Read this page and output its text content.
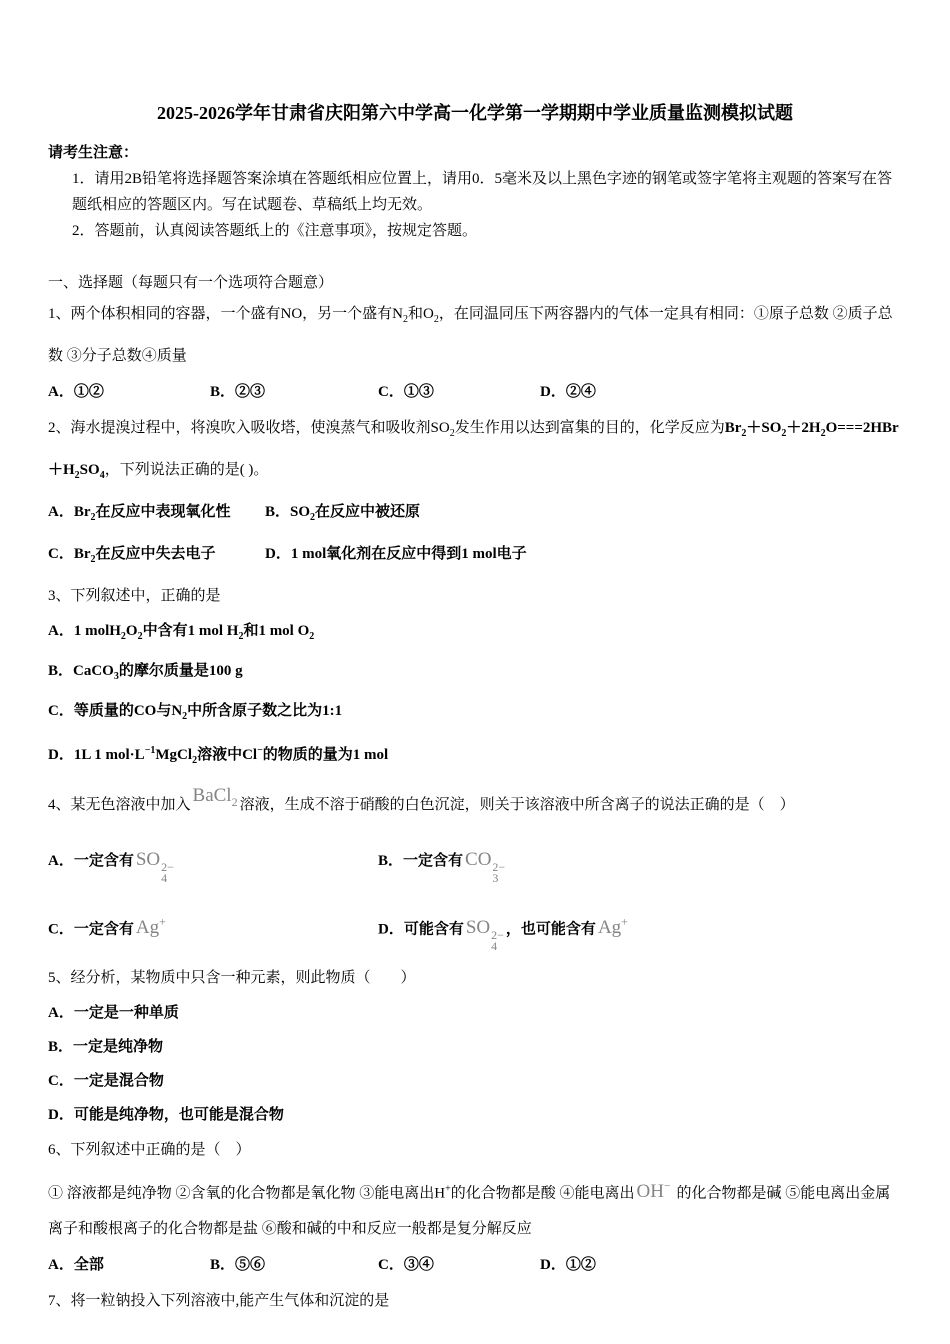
2025-2026学年甘肃省庆阳第六中学高一化学第一学期期中学业质量监测模拟试题
请考生注意：
1．请用2B铅笔将选择题答案涂填在答题纸相应位置上，请用0．5毫米及以上黑色字迹的钢笔或签字笔将主观题的答案写在答题纸相应的答题区内。写在试题卷、草稿纸上均无效。
2．答题前，认真阅读答题纸上的《注意事项》，按规定答题。
一、选择题（每题只有一个选项符合题意）
1、两个体积相同的容器，一个盛有NO，另一个盛有$N_2$和$O_2$，在同温同压下两容器内的气体一定具有相同：①原子总数 ②质子总数 ③分子总数④质量
A．①②	B．②③	C．①③	D．②④
2、海水提溴过程中，将溴吹入吸收塔，使溴蒸气和吸收剂$SO_2$发生作用以达到富集的目的，化学反应为$Br_2+SO_2+2H_2O===2HBr+H_2SO_4$，下列说法正确的是( )。
A．$Br_2$在反应中表现氧化性	B．$SO_2$在反应中被还原
C．$Br_2$在反应中失去电子	D．1 mol氧化剂在反应中得到1 mol电子
3、下列叙述中，正确的是
A．1 $molH_2O_2$中含有1 mol $H_2$和1 mol $O_2$
B．CaCO$_3$的摩尔质量是100 g
C．等质量的CO与$N_2$中所含原子数之比为1:1
D．1L 1 $mol\cdot L^{-1}MgCl_2$溶液中Cl−的物质的量为1 mol
4、某无色溶液中加入 BaCl$_2$ 溶液，生成不溶于硝酸的白色沉淀，则关于该溶液中所含离子的说法正确的是（　）
A．一定含有 SO 2−
4
B．一定含有 CO 2−
3
C．一定含有 Ag+	D．可能含有 SO 2−
4
，也可能含有 Ag+
5、经分析，某物质中只含一种元素，则此物质（　　）
A．一定是一种单质
B．一定是纯净物
C．一定是混合物
D．可能是纯净物，也可能是混合物
6、下列叙述中正确的是（　）
① 溶液都是纯净物 ②含氧的化合物都是氧化物 ③能电离出H+的化合物都是酸 ④能电离出 OH− 的化合物都是碱 ⑤能电离出金属离子和酸根离子的化合物都是盐 ⑥酸和碱的中和反应一般都是复分解反应
A．全部	B．⑤⑥	C．③④	D．①②
7、将一粒钠投入下列溶液中,能产生气体和沉淀的是
